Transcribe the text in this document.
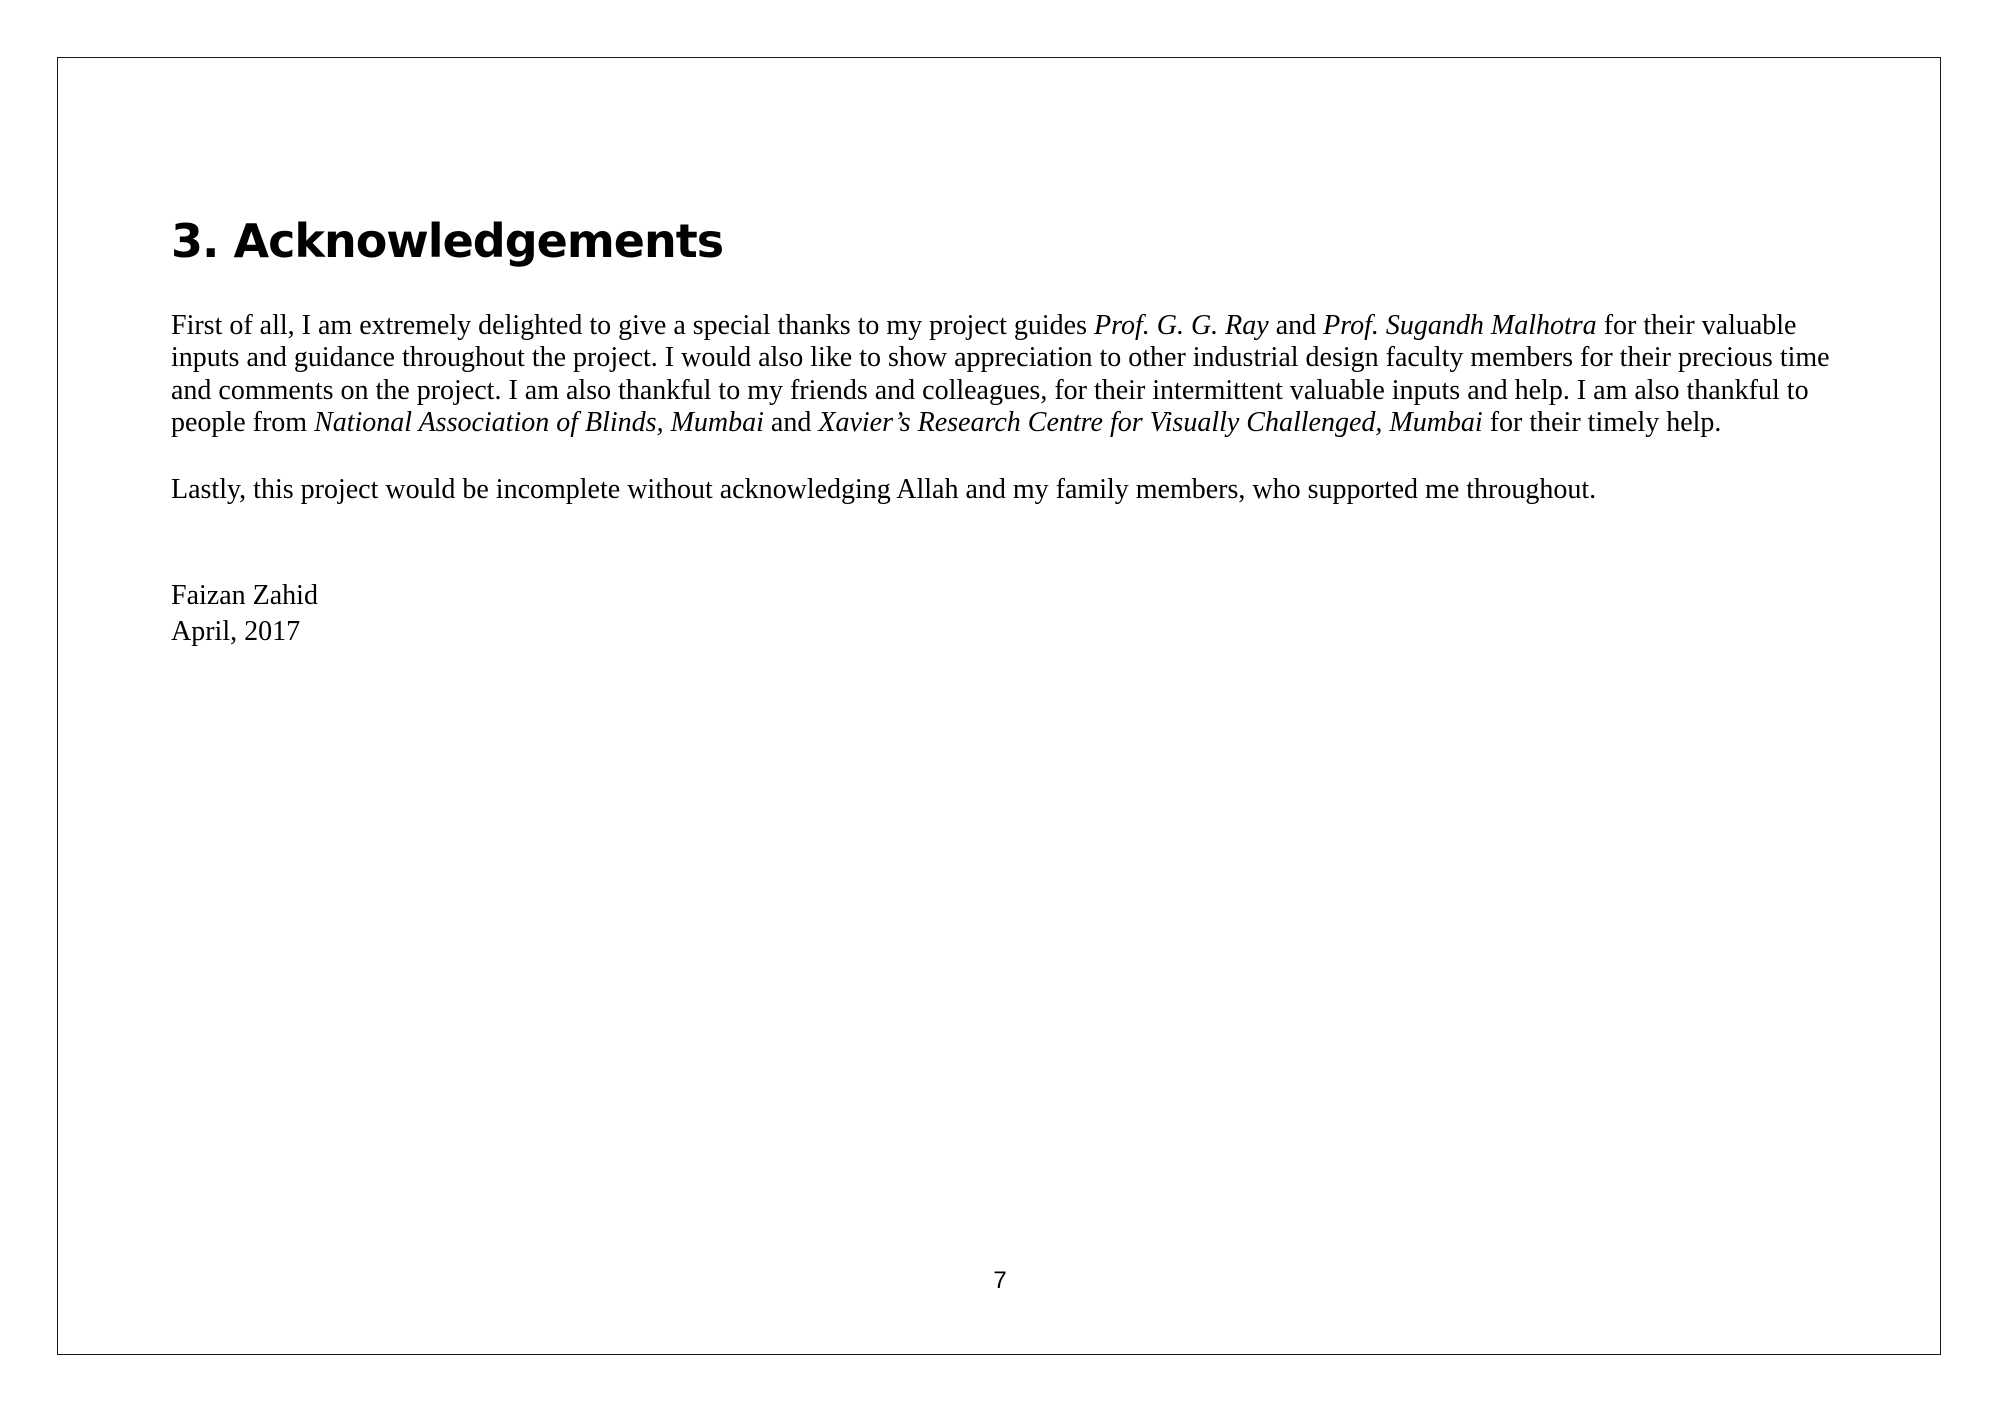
3. Acknowledgements

First of all, I am extremely delighted to give a special thanks to my project guides Prof. G. G. Ray and Prof. Sugandh Malhotra for their valuable inputs and guidance throughout the project. I would also like to show appreciation to other industrial design faculty members for their precious time and comments on the project. I am also thankful to my friends and colleagues, for their intermittent valuable inputs and help. I am also thankful to people from National Association of Blinds, Mumbai and Xavier’s Research Centre for Visually Challenged, Mumbai for their timely help.

Lastly, this project would be incomplete without acknowledging Allah and my family members, who supported me throughout.

Faizan Zahid
April, 2017
7
